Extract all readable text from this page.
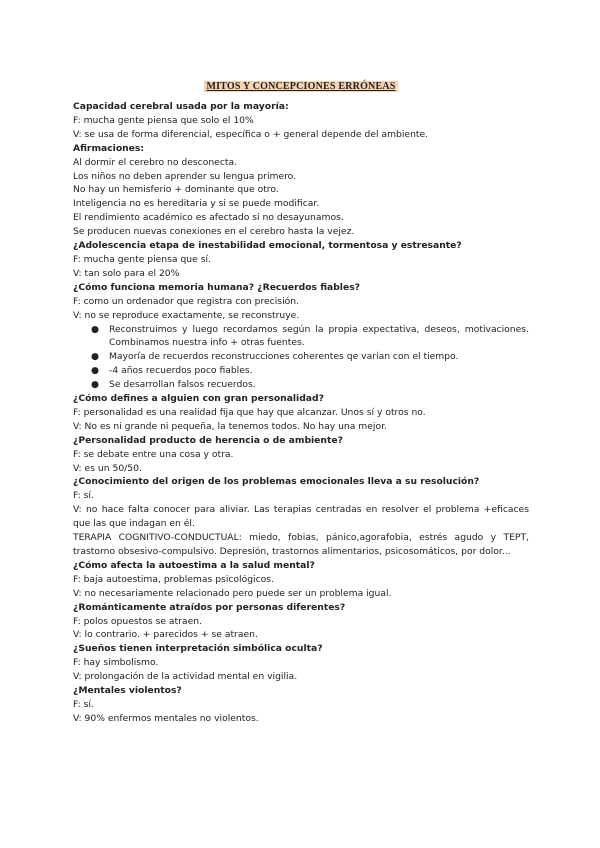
MITOS Y CONCEPCIONES ERRÓNEAS
Capacidad cerebral usada por la mayoría:
F: mucha gente piensa que solo el 10%
V: se usa de forma diferencial, específica o + general depende del ambiente.
Afirmaciones:
Al dormir el cerebro no desconecta.
Los niños no deben aprender su lengua primero.
No hay un hemisferio + dominante que otro.
Inteligencia no es hereditaria y si se puede modificar.
El rendimiento académico es afectado si no desayunamos.
Se producen nuevas conexiones en el cerebro hasta la vejez.
¿Adolescencia etapa de inestabilidad emocional, tormentosa y estresante?
F: mucha gente piensa que sí.
V: tan solo para el 20%
¿Cómo funciona memoria humana? ¿Recuerdos fiables?
F: como un ordenador que registra con precisión.
V: no se reproduce exactamente, se reconstruye.
● Reconstruimos y luego recordamos según la propia expectativa, deseos, motivaciones. Combinamos nuestra info + otras fuentes.
● Mayoría de recuerdos reconstrucciones coherentes qe varían con el tiempo.
● -4 años recuerdos poco fiables.
● Se desarrollan falsos recuerdos.
¿Cómo defines a alguien con gran personalidad?
F: personalidad es una realidad fija que hay que alcanzar. Unos sí y otros no.
V: No es ni grande ni pequeña, la tenemos todos. No hay una mejor.
¿Personalidad producto de herencia o de ambiente?
F: se debate entre una cosa y otra.
V: es un 50/50.
¿Conocimiento del origen de los problemas emocionales lleva a su resolución?
F: sí.
V: no hace falta conocer para aliviar. Las terapias centradas en resolver el problema +eficaces que las que indagan en él.
TERAPIA COGNITIVO-CONDUCTUAL: miedo, fobias, pánico,agorafobia, estrés agudo y TEPT, trastorno obsesivo-compulsivo. Depresión, trastornos alimentarios, psicosomáticos, por dolor...
¿Cómo afecta la autoestima a la salud mental?
F: baja autoestima, problemas psicológicos.
V: no necesariamente relacionado pero puede ser un problema igual.
¿Románticamente atraídos por personas diferentes?
F: polos opuestos se atraen.
V: lo contrario. + parecidos + se atraen.
¿Sueños tienen interpretación simbólica oculta?
F: hay simbolismo.
V: prolongación de la actividad mental en vigilia.
¿Mentales violentos?
F: sí.
V: 90% enfermos mentales no violentos.
